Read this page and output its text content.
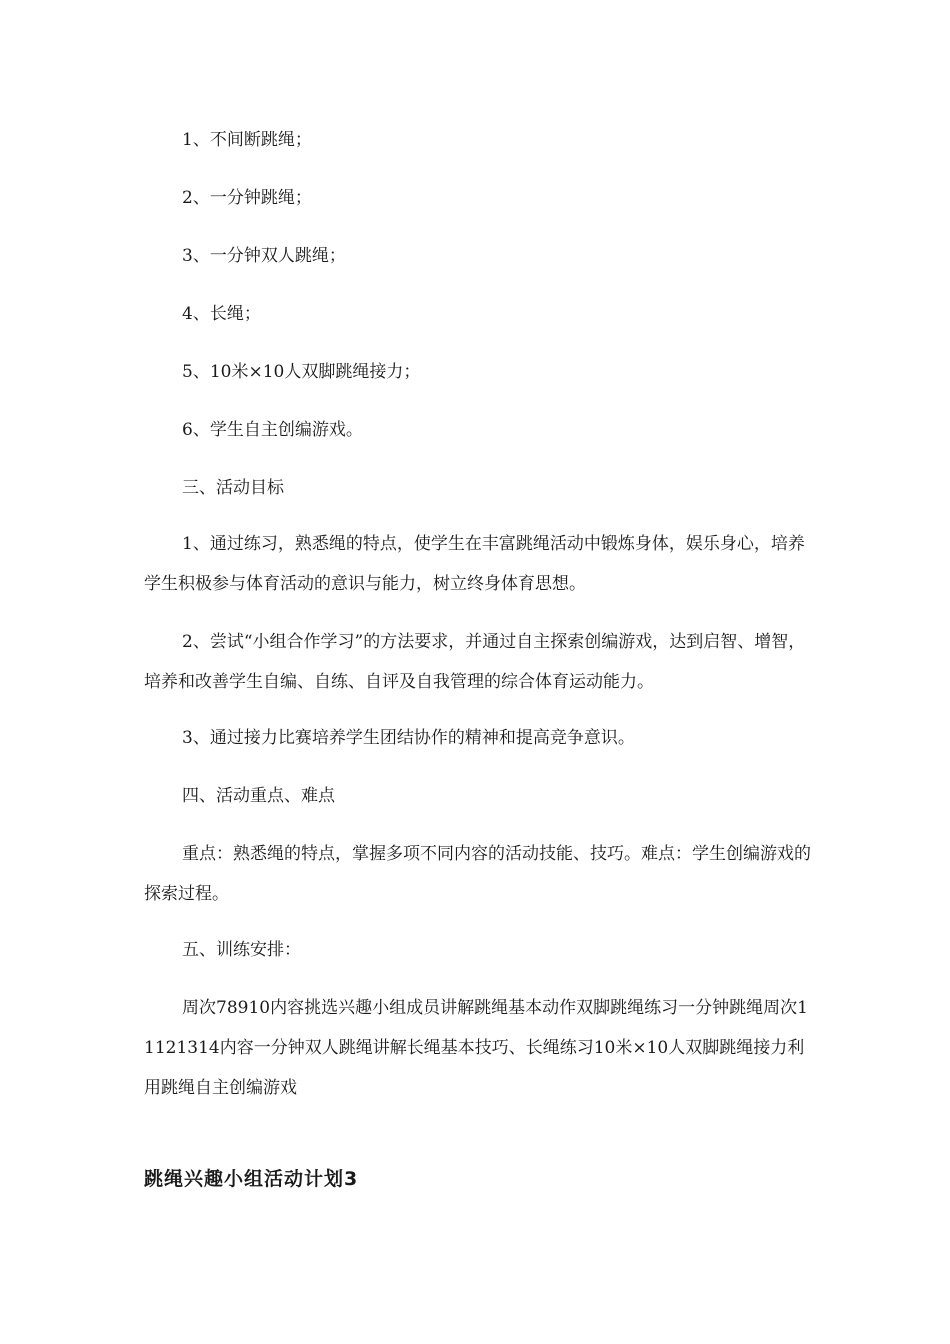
1、不间断跳绳；

2、一分钟跳绳；

3、一分钟双人跳绳；

4、长绳；

5、10米×10人双脚跳绳接力；

6、学生自主创编游戏。

三、活动目标

1、通过练习，熟悉绳的特点，使学生在丰富跳绳活动中锻炼身体，娱乐身心，培养学生积极参与体育活动的意识与能力，树立终身体育思想。

2、尝试“小组合作学习”的方法要求，并通过自主探索创编游戏，达到启智、增智，培养和改善学生自编、自练、自评及自我管理的综合体育运动能力。

3、通过接力比赛培养学生团结协作的精神和提高竞争意识。

四、活动重点、难点

重点：熟悉绳的特点，掌握多项不同内容的活动技能、技巧。难点：学生创编游戏的探索过程。

五、训练安排：

周次78910内容挑选兴趣小组成员讲解跳绳基本动作双脚跳绳练习一分钟跳绳周次11121314内容一分钟双人跳绳讲解长绳基本技巧、长绳练习10米×10人双脚跳绳接力利用跳绳自主创编游戏

跳绳兴趣小组活动计划3
